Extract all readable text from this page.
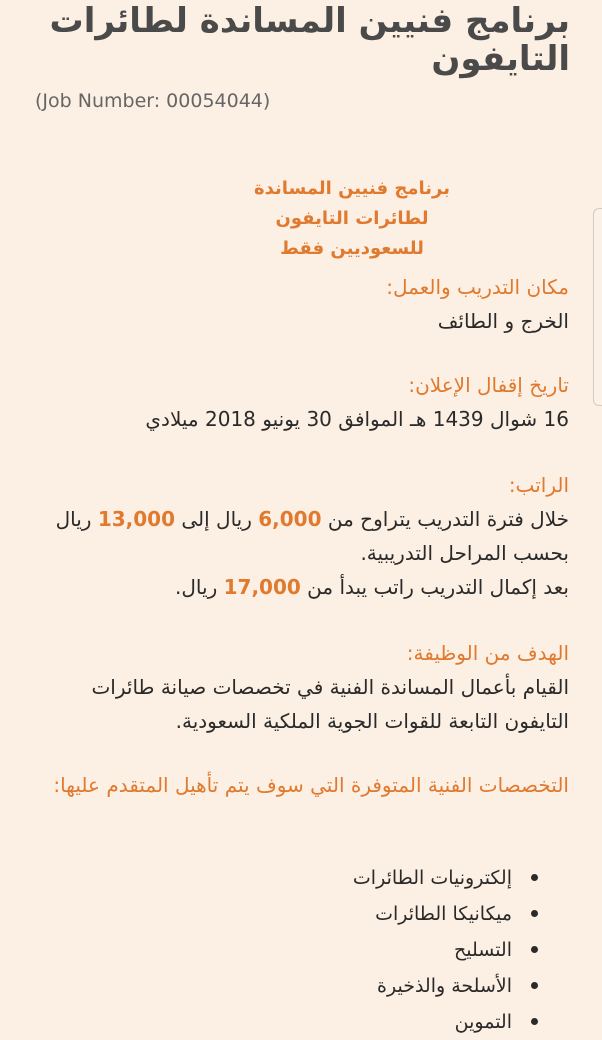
برنامج فنيين المساندة لطائرات التايفون
(Job Number: 00054044)
برنامج فنيين المساندة لطائرات التايفون
للسعوديين فقط
مكان التدريب والعمل:
الخرج و الطائف
تاريخ إقفال الإعلان:
16 شوال 1439 هـ الموافق 30 يونيو 2018 ميلادي
الراتب:
خلال فترة التدريب يتراوح من 6,000 ريال إلى 13,000 ريال
بحسب المراحل التدريبية.
بعد إكمال التدريب راتب يبدأ من 17,000 ريال.
الهدف من الوظيفة:
القيام بأعمال المساندة الفنية في تخصصات صيانة طائرات التايفون التابعة للقوات الجوية الملكية السعودية.
التخصصات الفنية المتوفرة التي سوف يتم تأهيل المتقدم عليها:
إلكترونيات الطائرات
ميكانيكا الطائرات
التسليح
الأسلحة والذخيرة
التموين
